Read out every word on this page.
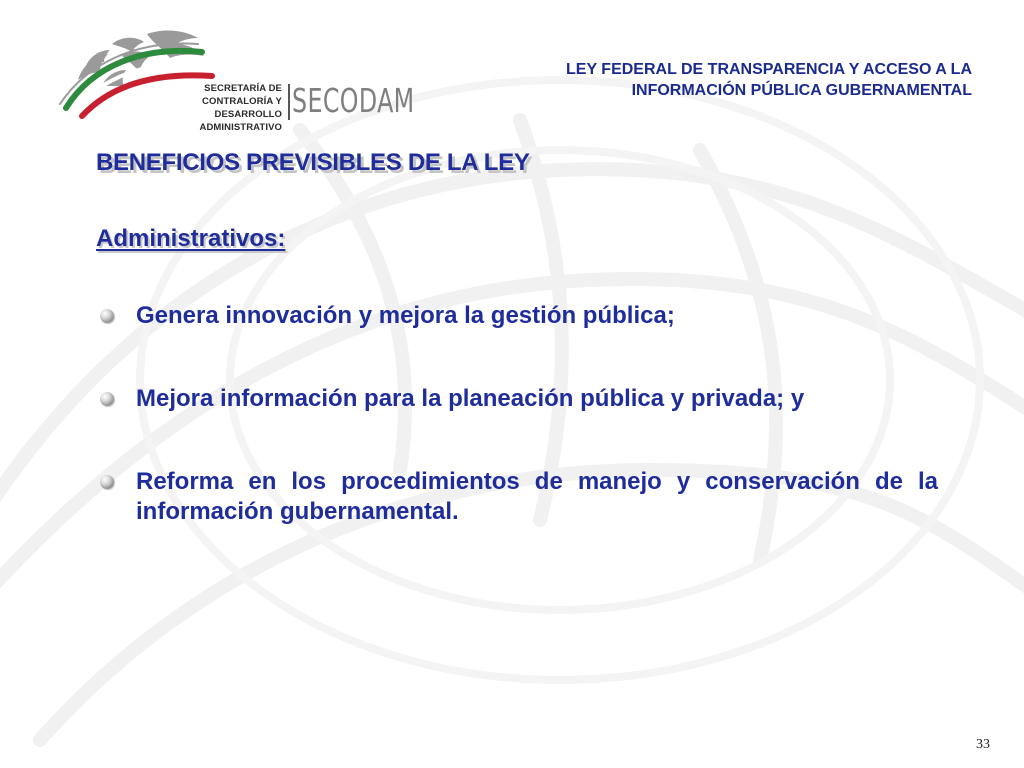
SECRETARÍA DE
CONTRALORÍA Y DESARROLLO
ADMINISTRATIVO
SECODAM
LEY FEDERAL DE TRANSPARENCIA Y ACCESO A LA
INFORMACIÓN PÚBLICA GUBERNAMENTAL
BENEFICIOS PREVISIBLES DE LA LEY
Administrativos:
Genera innovación y mejora la gestión pública;
Mejora información para la planeación pública y privada; y
Reforma en los procedimientos de manejo y conservación de la información gubernamental.
33
